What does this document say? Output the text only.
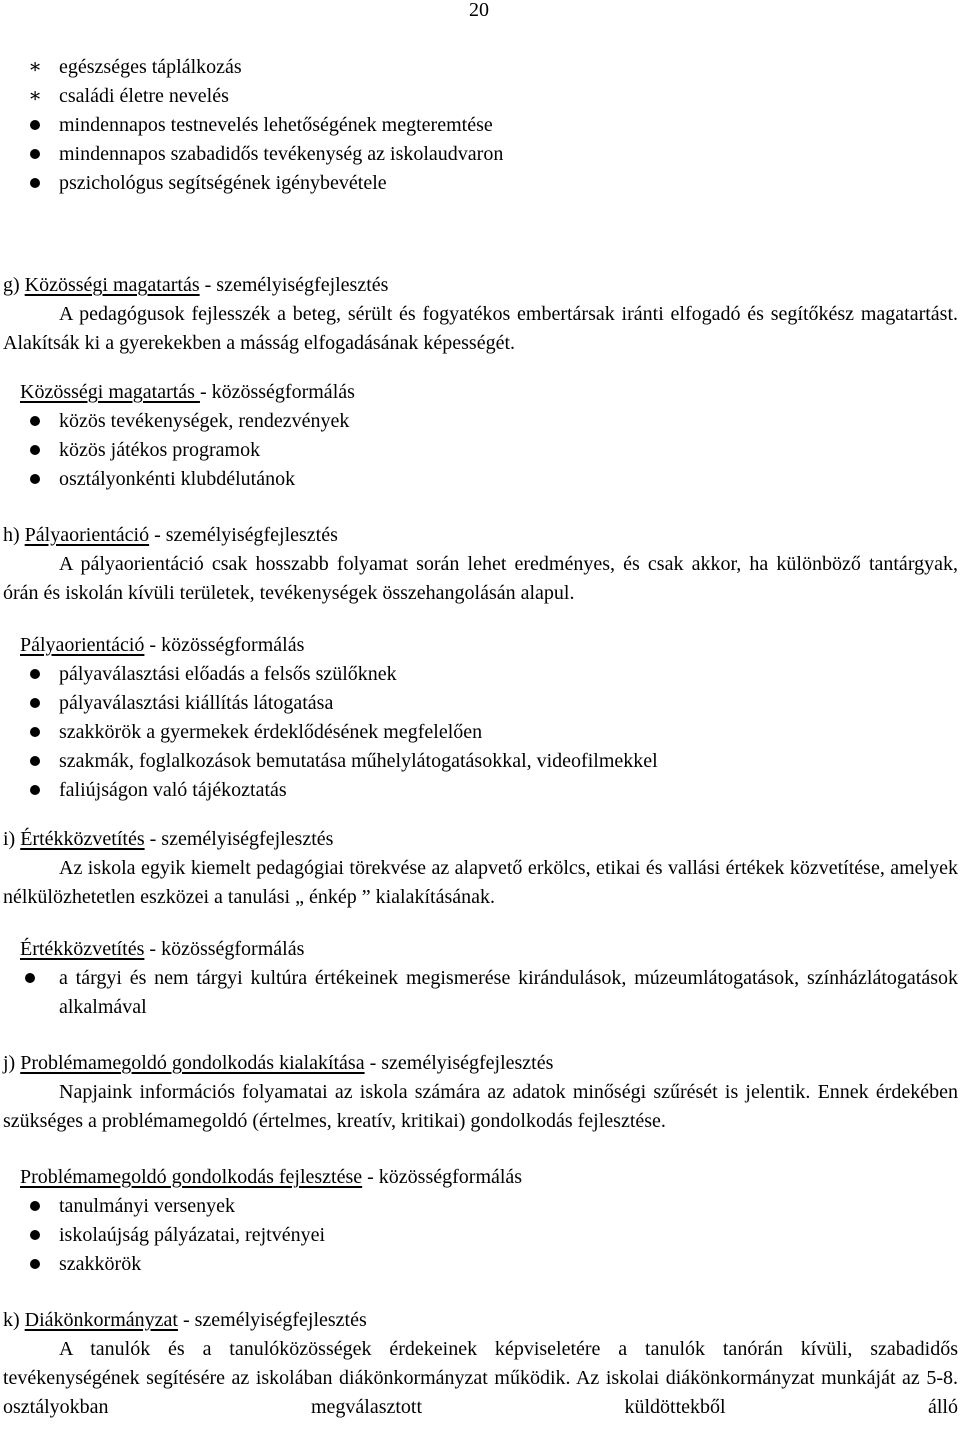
20
∗ egészséges táplálkozás
∗ családi életre nevelés
mindennapos testnevelés lehetőségének megteremtése
mindennapos szabadidős tevékenység az iskolaudvaron
pszichológus segítségének igénybevétele
g) Közösségi magatartás - személyiségfejlesztés
A pedagógusok fejlesszék a beteg, sérült és fogyatékos embertársak iránti elfogadó és segítőkész magatartást. Alakítsák ki a gyerekekben a másság elfogadásának képességét.
Közösségi magatartás - közösségformálás
közös tevékenységek, rendezvények
közös játékos programok
osztályonkénti klubdélutánok
h) Pályaorientáció - személyiségfejlesztés
A pályaorientáció csak hosszabb folyamat során lehet eredményes, és csak akkor, ha különböző tantárgyak, órán és iskolán kívüli területek, tevékenységek összehangolásán alapul.
Pályaorientáció - közösségformálás
pályaválasztási előadás a felsős szülőknek
pályaválasztási kiállítás látogatása
szakkörök a gyermekek érdeklődésének megfelelően
szakmák, foglalkozások bemutatása műhelylátogatásokkal, videofilmekkel
faliújságon való tájékoztatás
i) Értékközvetítés - személyiségfejlesztés
Az iskola egyik kiemelt pedagógiai törekvése az alapvető erkölcs, etikai és vallási értékek közvetítése, amelyek nélkülözhetetlen eszközei a tanulási „ énkép ” kialakításának.
Értékközvetítés - közösségformálás
a tárgyi és nem tárgyi kultúra értékeinek megismerése kirándulások, múzeumlátogatások, színházlátogatások alkalmával
j) Problémamegoldó gondolkodás kialakítása - személyiségfejlesztés
Napjaink információs folyamatai az iskola számára az adatok minőségi szűrését is jelentik. Ennek érdekében szükséges a problémamegoldó (értelmes, kreatív, kritikai) gondolkodás fejlesztése.
Problémamegoldó gondolkodás fejlesztése - közösségformálás
tanulmányi versenyek
iskolaújság pályázatai, rejtvényei
szakkörök
k) Diákönkormányzat - személyiségfejlesztés
A tanulók és a tanulóközösségek érdekeinek képviseletére a tanulók tanórán kívüli, szabadidős tevékenységének segítésére az iskolában diákönkormányzat működik. Az iskolai diákönkormányzat munkáját az 5-8. osztályokban megválasztott küldöttekből álló
